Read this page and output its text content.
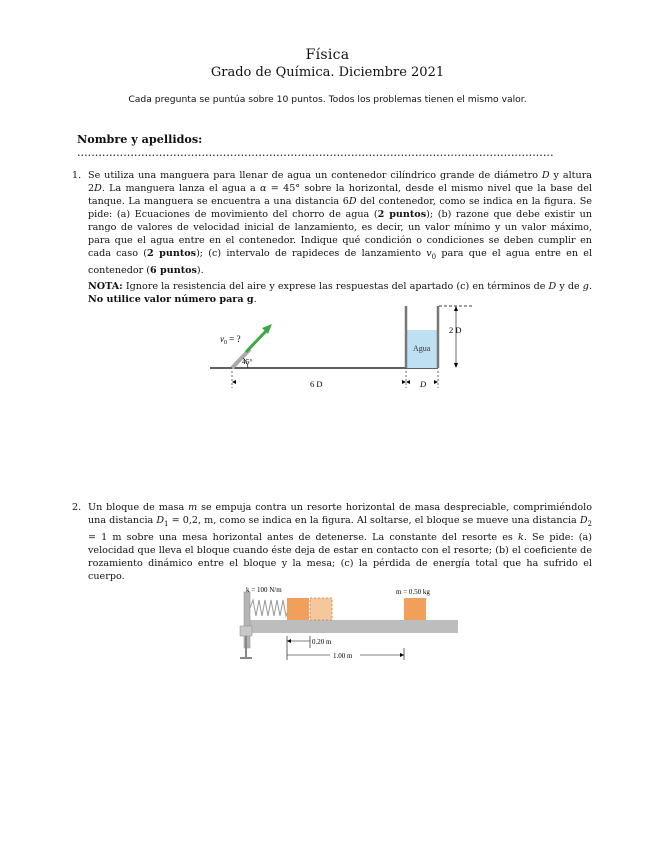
Física
Grado de Química. Diciembre 2021
Cada pregunta se puntúa sobre 10 puntos. Todos los problemas tienen el mismo valor.
Nombre y apellidos: ......................................................................................................................................
1. Se utiliza una manguera para llenar de agua un contenedor cilíndrico grande de diámetro D y altura 2D. La manguera lanza el agua a α = 45° sobre la horizontal, desde el mismo nivel que la base del tanque. La manguera se encuentra a una distancia 6D del contenedor, como se indica en la figura. Se pide: (a) Ecuaciones de movimiento del chorro de agua (2 puntos); (b) razone que debe existir un rango de valores de velocidad inicial de lanzamiento, es decir, un valor mínimo y un valor máximo, para que el agua entre en el contenedor. Indique qué condición o condiciones se deben cumplir en cada caso (2 puntos); (c) intervalo de rapideces de lanzamiento $v_0$ para que el agua entre en el contenedor (6 puntos).
NOTA: Ignore la resistencia del aire y exprese las respuestas del apartado (c) en términos de D y de g. No utilice valor número para g.
$v_0$ = ?
45°
Agua
2 D
6 D	D
2. Un bloque de masa m se empuja contra un resorte horizontal de masa despreciable, comprimiéndolo una distancia $D_1 = 0,2$, m, como se indica en la figura. Al soltarse, el bloque se mueve una distancia $D_2 = 1$ m sobre una mesa horizontal antes de detenerse. La constante del resorte es k. Se pide: (a) velocidad que lleva el bloque cuando éste deja de estar en contacto con el resorte; (b) el coeficiente de rozamiento dinámico entre el bloque y la mesa; (c) la pérdida de energía total que ha sufrido el cuerpo.
k = 100 N/m	m = 0.50 kg
0.20 m
1.00 m
